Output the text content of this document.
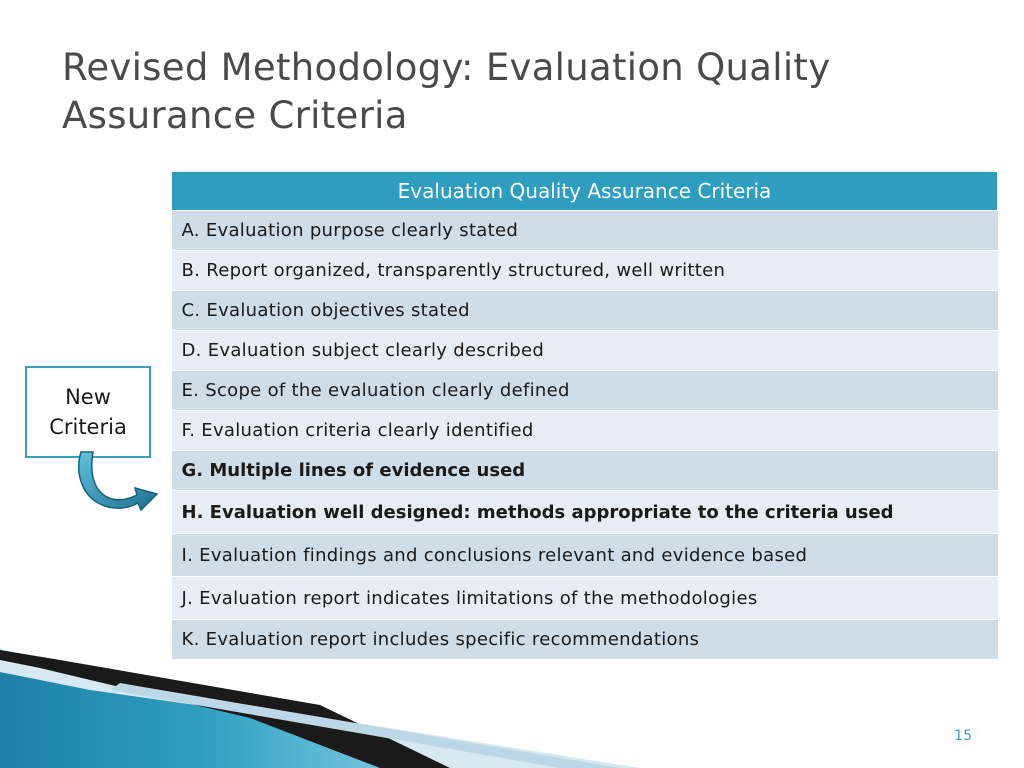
Revised Methodology: Evaluation Quality Assurance Criteria
Evaluation Quality Assurance Criteria
A. Evaluation purpose clearly stated
B. Report organized, transparently structured, well written
C. Evaluation objectives stated
D. Evaluation subject clearly described
E. Scope of the evaluation clearly defined
F. Evaluation criteria clearly identified
G. Multiple lines of evidence used
H. Evaluation well designed: methods appropriate to the criteria used
I. Evaluation findings and conclusions relevant and evidence based
J. Evaluation report indicates limitations of the methodologies
K. Evaluation report includes specific recommendations
New
Criteria
15
